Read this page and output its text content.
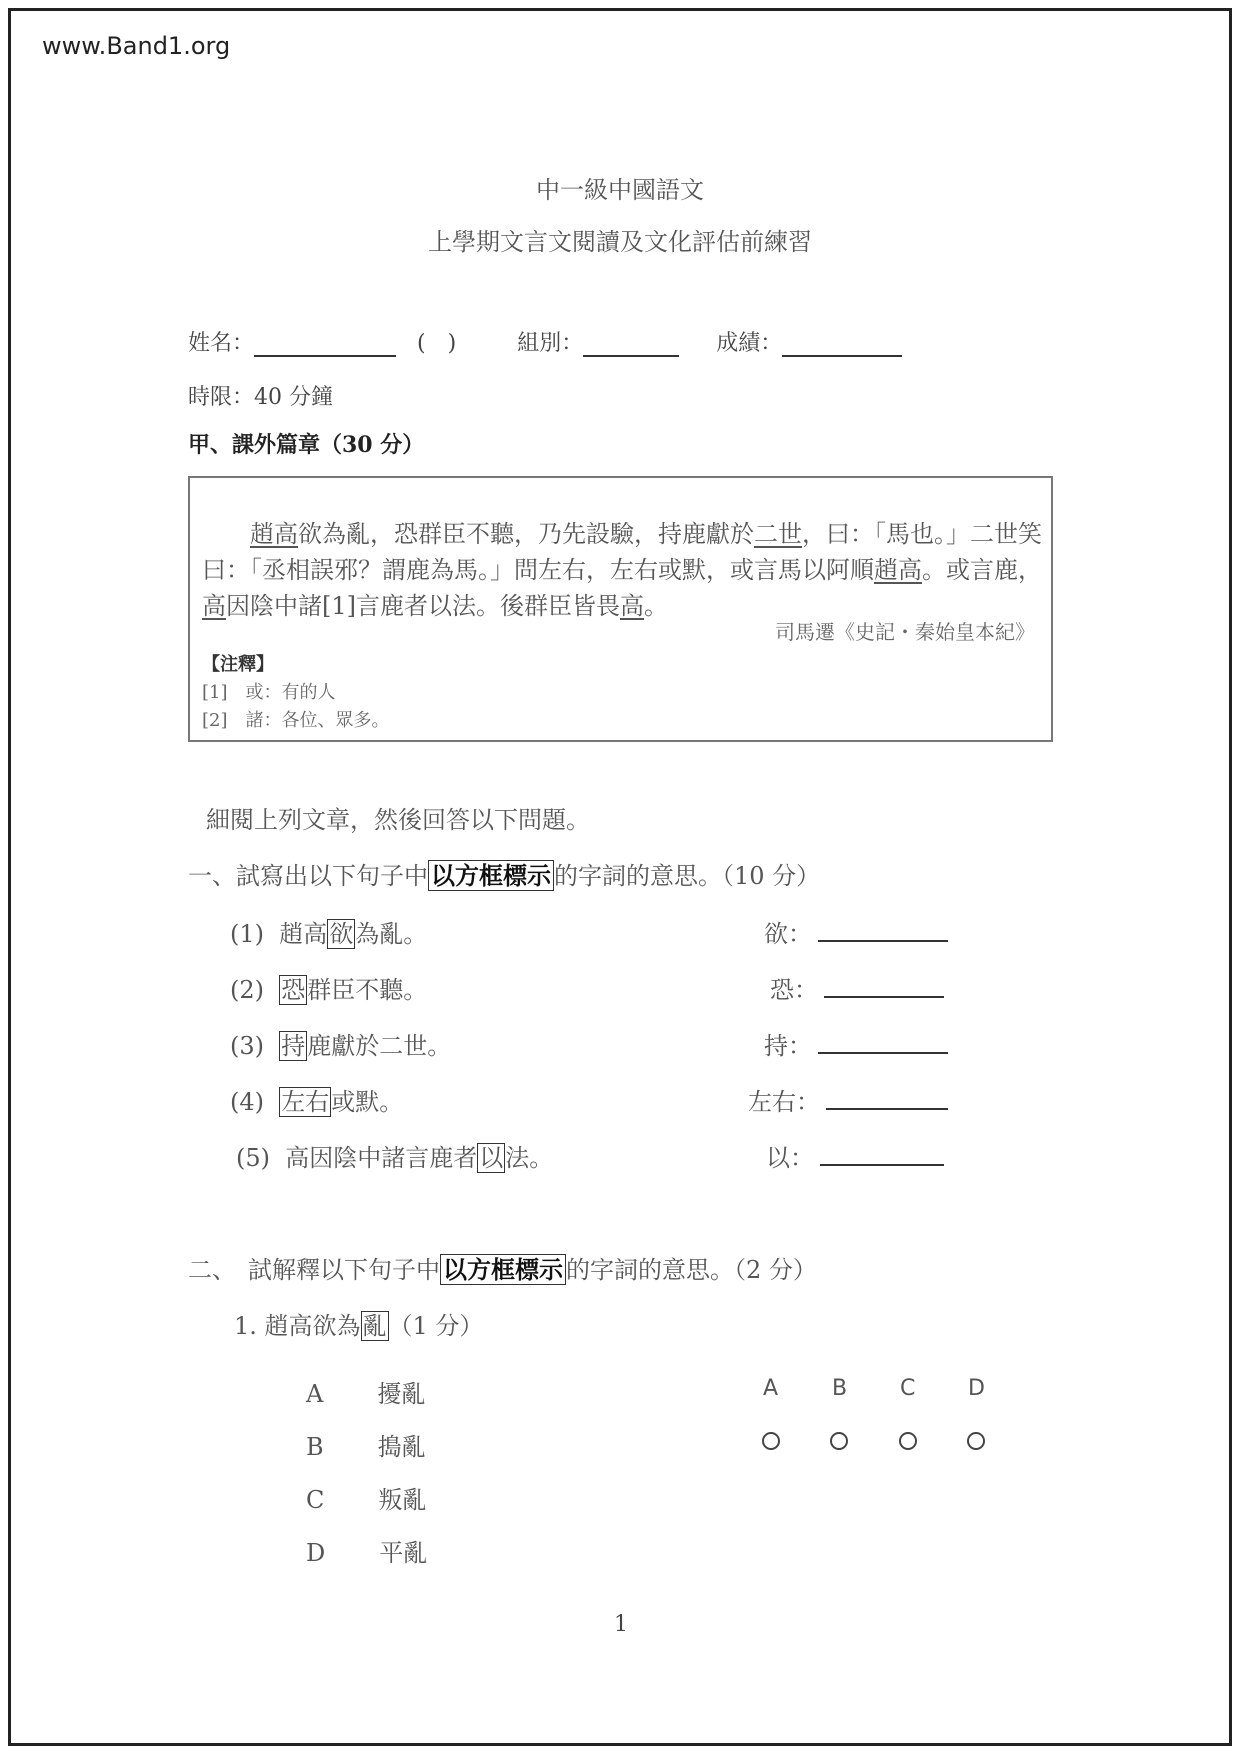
www.Band1.org
中一級中國語文
上學期文言文閱讀及文化評估前練習
姓名：	(　)	組別：	成績：
時限：40 分鐘
甲、課外篇章（30 分）
趙高欲為亂，恐群臣不聽，乃先設驗，持鹿獻於二世，曰：「馬也。」二世笑曰：「丞相誤邪？謂鹿為馬。」問左右，左右或默，或言馬以阿順趙高。或言鹿，高因陰中諸[1]言鹿者以法。後群臣皆畏高。
司馬遷《史記・秦始皇本紀》
【注釋】
[1]　或：有的人
[2]　諸：各位、眾多。
細閱上列文章，然後回答以下問題。
一、試寫出以下句子中 以方框標示 的字詞的意思。（10 分）
(1) 趙高欲為亂。	欲：
(2) 恐群臣不聽。	恐：
(3) 持鹿獻於二世。	持：
(4) 左右或默。	左右：
(5) 高因陰中諸言鹿者以法。	以：
二、　試解釋以下句子中 以方框標示 的字詞的意思。（2 分）
1. 趙高欲為亂（1 分）
A 擾亂
B 搗亂
C 叛亂
D 平亂
A B C D
1
